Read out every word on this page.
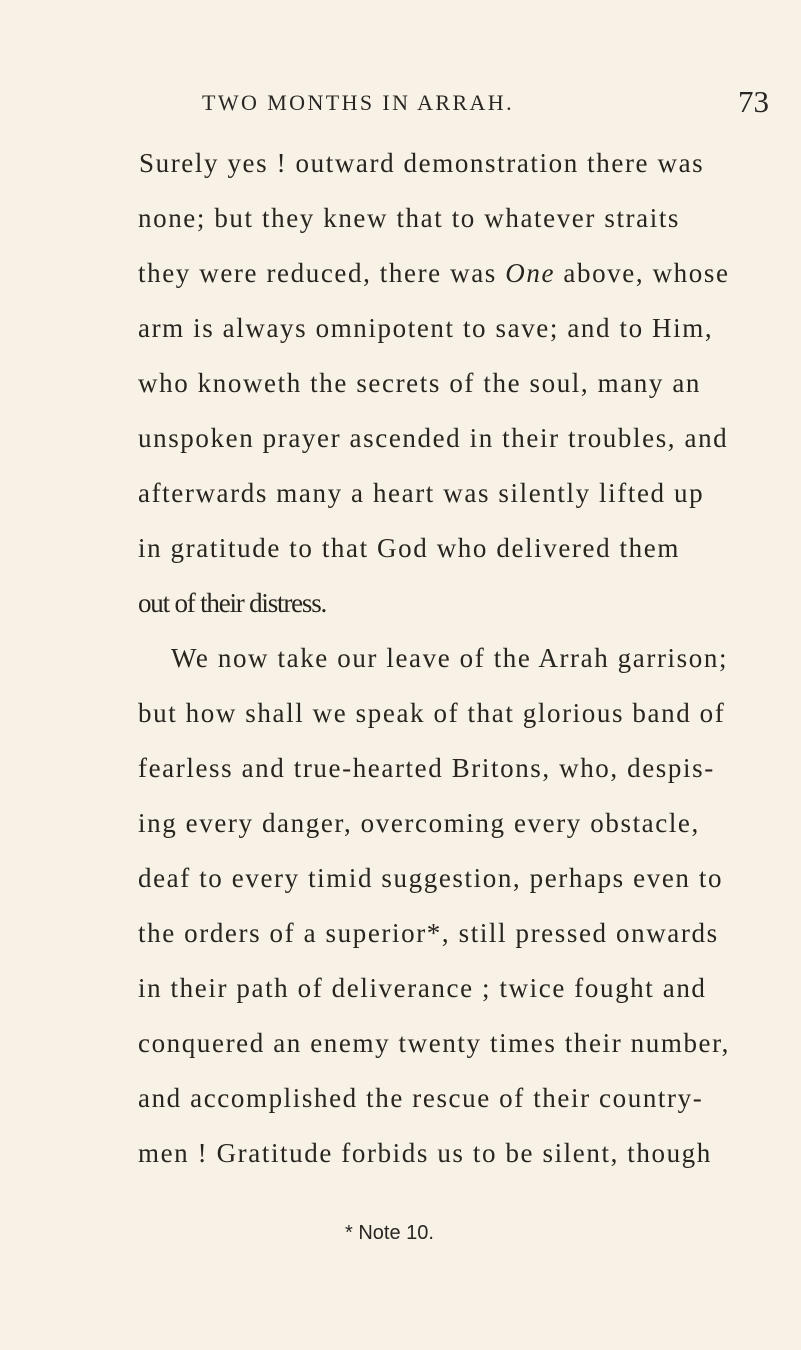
TWO MONTHS IN ARRAH.	73
Surely yes ! outward demonstration there was
none; but they knew that to whatever straits
they were reduced, there was One above, whose
arm is always omnipotent to save; and to Him,
who knoweth the secrets of the soul, many an
unspoken prayer ascended in their troubles, and
afterwards many a heart was silently lifted up
in gratitude to that God who delivered them
out of their distress.
We now take our leave of the Arrah garrison;
but how shall we speak of that glorious band of
fearless and true-hearted Britons, who, despis-
ing every danger, overcoming every obstacle,
deaf to every timid suggestion, perhaps even to
the orders of a superior*, still pressed onwards
in their path of deliverance ; twice fought and
conquered an enemy twenty times their number,
and accomplished the rescue of their country-
men ! Gratitude forbids us to be silent, though
* Note 10.
